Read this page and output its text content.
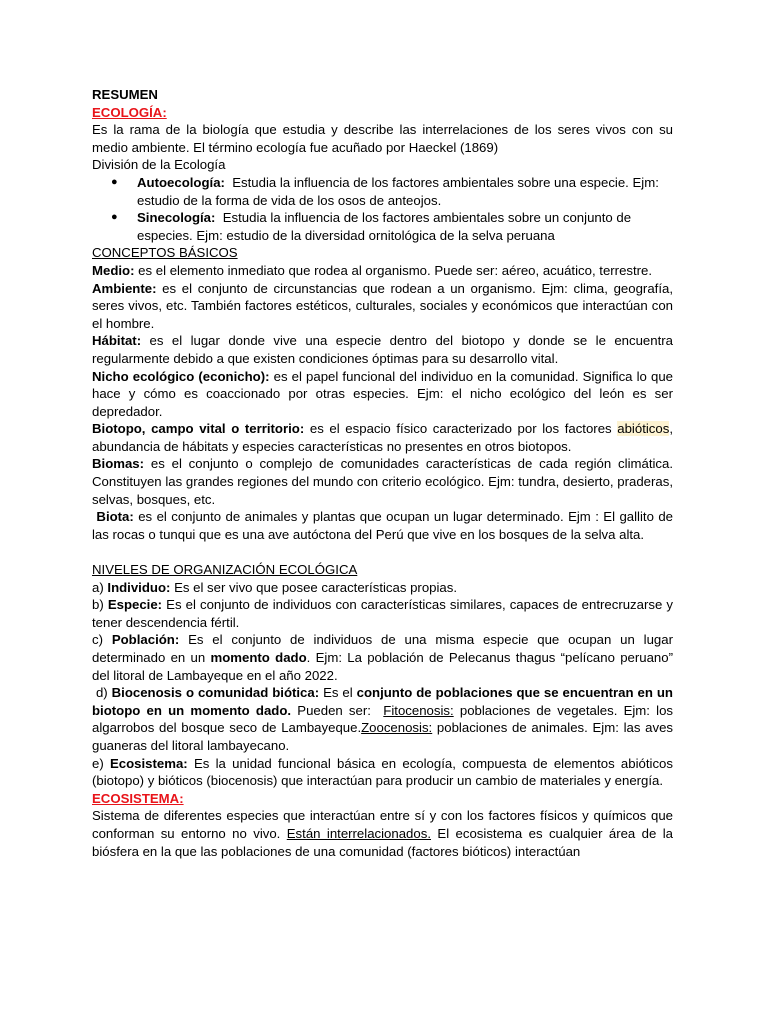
RESUMEN

ECOLOGÍA:

Es la rama de la biología que estudia y describe las interrelaciones de los seres vivos con su medio ambiente. El término ecología fue acuñado por Haeckel (1869)

División de la Ecología

● Autoecología: Estudia la influencia de los factores ambientales sobre una especie. Ejm: estudio de la forma de vida de los osos de anteojos.
● Sinecología: Estudia la influencia de los factores ambientales sobre un conjunto de especies. Ejm: estudio de la diversidad ornitológica de la selva peruana

CONCEPTOS BÁSICOS

Medio: es el elemento inmediato que rodea al organismo. Puede ser: aéreo, acuático, terrestre.

Ambiente: es el conjunto de circunstancias que rodean a un organismo. Ejm: clima, geografía, seres vivos, etc. También factores estéticos, culturales, sociales y económicos que interactúan con el hombre.

Hábitat: es el lugar donde vive una especie dentro del biotopo y donde se le encuentra regularmente debido a que existen condiciones óptimas para su desarrollo vital.

Nicho ecológico (econicho): es el papel funcional del individuo en la comunidad. Significa lo que hace y cómo es coaccionado por otras especies. Ejm: el nicho ecológico del león es ser depredador.

Biotopo, campo vital o territorio: es el espacio físico caracterizado por los factores abióticos, abundancia de hábitats y especies características no presentes en otros biotopos.

Biomas: es el conjunto o complejo de comunidades características de cada región climática. Constituyen las grandes regiones del mundo con criterio ecológico. Ejm: tundra, desierto, praderas, selvas, bosques, etc.

Biota: es el conjunto de animales y plantas que ocupan un lugar determinado. Ejm : El gallito de las rocas o tunqui que es una ave autóctona del Perú que vive en los bosques de la selva alta.

NIVELES DE ORGANIZACIÓN ECOLÓGICA

a) Individuo: Es el ser vivo que posee características propias.

b) Especie: Es el conjunto de individuos con características similares, capaces de entrecruzarse y tener descendencia fértil.

c) Población: Es el conjunto de individuos de una misma especie que ocupan un lugar determinado en un momento dado. Ejm: La población de Pelecanus thagus “pelícano peruano” del litoral de Lambayeque en el año 2022.

d) Biocenosis o comunidad biótica: Es el conjunto de poblaciones que se encuentran en un biotopo en un momento dado. Pueden ser: Fitocenosis: poblaciones de vegetales. Ejm: los algarrobos del bosque seco de Lambayeque.Zoocenosis: poblaciones de animales. Ejm: las aves guaneras del litoral lambayecano.

e) Ecosistema: Es la unidad funcional básica en ecología, compuesta de elementos abióticos (biotopo) y bióticos (biocenosis) que interactúan para producir un cambio de materiales y energía.

ECOSISTEMA:

Sistema de diferentes especies que interactúan entre sí y con los factores físicos y químicos que conforman su entorno no vivo. Están interrelacionados. El ecosistema es cualquier área de la biósfera en la que las poblaciones de una comunidad (factores bióticos) interactúan
